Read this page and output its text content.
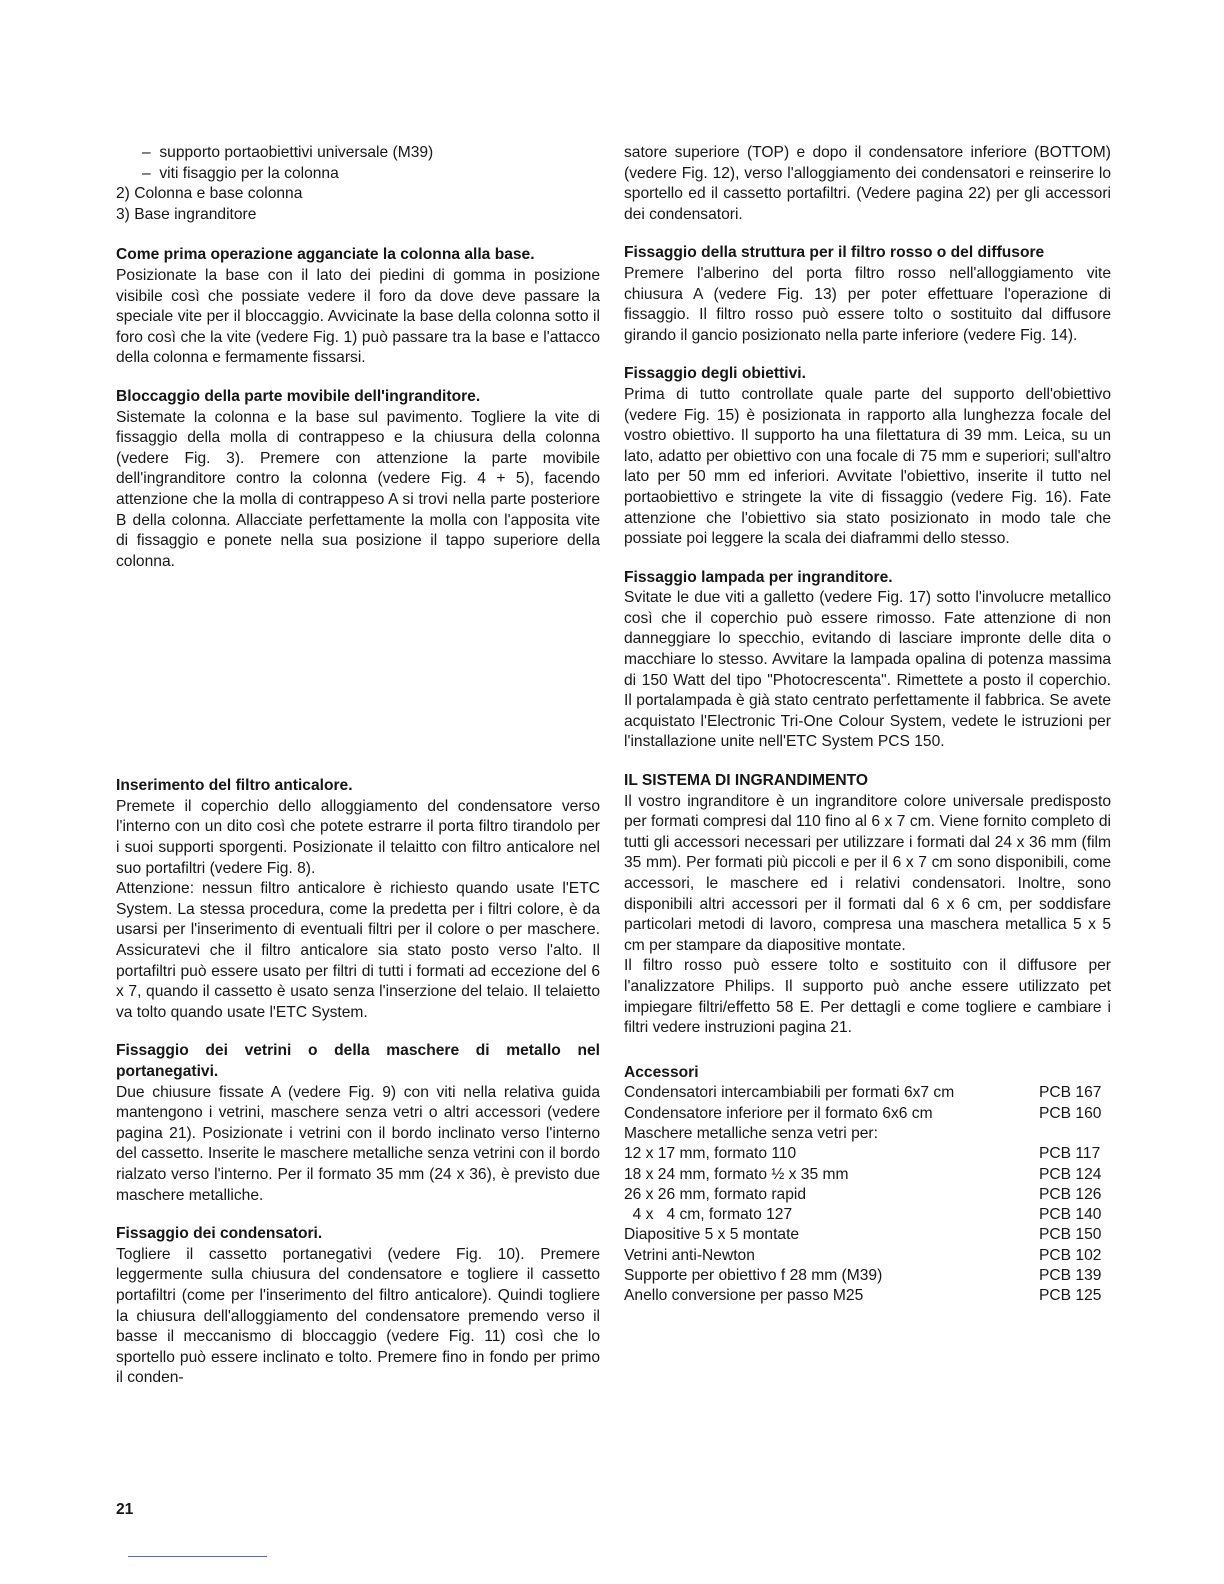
–  supporto portaobiettivi universale (M39)
–  viti fisaggio per la colonna
2) Colonna e base colonna
3) Base ingranditore

Come prima operazione agganciate la colonna alla base.

Posizionate la base con il lato dei piedini di gomma in posizione visibile così che possiate vedere il foro da dove deve passare la speciale vite per il bloccaggio. Avvicinate la base della colonna sotto il foro così che la vite (vedere Fig. 1) può passare tra la base e l'attacco della colonna e fermamente fissarsi.

Bloccaggio della parte movibile dell'ingranditore.

Sistemate la colonna e la base sul pavimento. Togliere la vite di fissaggio della molla di contrappeso e la chiusura della colonna (vedere Fig. 3). Premere con attenzione la parte movibile dell'ingranditore contro la colonna (vedere Fig. 4 + 5), facendo attenzione che la molla di contrappeso A si trovi nella parte posteriore B della colonna. Allacciate perfettamente la molla con l'apposita vite di fissaggio e ponete nella sua posizione il tappo superiore della colonna.

Inserimento del filtro anticalore.

Premete il coperchio dello alloggiamento del condensatore verso l'interno con un dito così che potete estrarre il porta filtro tirandolo per i suoi supporti sporgenti. Posizionate il telaitto con filtro anticalore nel suo portafiltri (vedere Fig. 8).

Attenzione: nessun filtro anticalore è richiesto quando usate l'ETC System. La stessa procedura, come la predetta per i filtri colore, è da usarsi per l'inserimento di eventuali filtri per il colore o per maschere. Assicuratevi che il filtro anticalore sia stato posto verso l'alto. Il portafiltri può essere usato per filtri di tutti i formati ad eccezione del 6 x 7, quando il cassetto è usato senza l'inserzione del telaio. Il telaietto va tolto quando usate l'ETC System.

Fissaggio dei vetrini o della maschere di metallo nel portanegativi.

Due chiusure fissate A (vedere Fig. 9) con viti nella relativa guida mantengono i vetrini, maschere senza vetri o altri accessori (vedere pagina 21). Posizionate i vetrini con il bordo inclinato verso l'interno del cassetto. Inserite le maschere metalliche senza vetrini con il bordo rialzato verso l'interno. Per il formato 35 mm (24 x 36), è previsto due maschere metalliche.

Fissaggio dei condensatori.

Togliere il cassetto portanegativi (vedere Fig. 10). Premere leggermente sulla chiusura del condensatore e togliere il cassetto portafiltri (come per l'inserimento del filtro anticalore). Quindi togliere la chiusura dell'alloggiamento del condensatore premendo verso il basse il meccanismo di bloccaggio (vedere Fig. 11) così che lo sportello può essere inclinato e tolto. Premere fino in fondo per primo il conden-

satore superiore (TOP) e dopo il condensatore inferiore (BOTTOM) (vedere Fig. 12), verso l'alloggiamento dei condensatori e reinserire lo sportello ed il cassetto portafiltri. (Vedere pagina 22) per gli accessori dei condensatori.

Fissaggio della struttura per il filtro rosso o del diffusore

Premere l'alberino del porta filtro rosso nell'alloggiamento vite chiusura A (vedere Fig. 13) per poter effettuare l'operazione di fissaggio. Il filtro rosso può essere tolto o sostituito dal diffusore girando il gancio posizionato nella parte inferiore (vedere Fig. 14).

Fissaggio degli obiettivi.

Prima di tutto controllate quale parte del supporto dell'obiettivo (vedere Fig. 15) è posizionata in rapporto alla lunghezza focale del vostro obiettivo. Il supporto ha una filettatura di 39 mm. Leica, su un lato, adatto per obiettivo con una focale di 75 mm e superiori; sull'altro lato per 50 mm ed inferiori. Avvitate l'obiettivo, inserite il tutto nel portaobiettivo e stringete la vite di fissaggio (vedere Fig. 16). Fate attenzione che l'obiettivo sia stato posizionato in modo tale che possiate poi leggere la scala dei diaframmi dello stesso.

Fissaggio lampada per ingranditore.

Svitate le due viti a galletto (vedere Fig. 17) sotto l'involucre metallico così che il coperchio può essere rimosso. Fate attenzione di non danneggiare lo specchio, evitando di lasciare impronte delle dita o macchiare lo stesso. Avvitare la lampada opalina di potenza massima di 150 Watt del tipo "Photocrescenta". Rimettete a posto il coperchio. Il portalampada è già stato centrato perfettamente il fabbrica. Se avete acquistato l'Electronic Tri-One Colour System, vedete le istruzioni per l'installazione unite nell'ETC System PCS 150.

IL SISTEMA DI INGRANDIMENTO

Il vostro ingranditore è un ingranditore colore universale predisposto per formati compresi dal 110 fino al 6 x 7 cm. Viene fornito completo di tutti gli accessori necessari per utilizzare i formati dal 24 x 36 mm (film 35 mm). Per formati più piccoli e per il 6 x 7 cm sono disponibili, come accessori, le maschere ed i relativi condensatori. Inoltre, sono disponibili altri accessori per il formati dal 6 x 6 cm, per soddisfare particolari metodi di lavoro, compresa una maschera metallica 5 x 5 cm per stampare da diapositive montate.

Il filtro rosso può essere tolto e sostituito con il diffusore per l'analizzatore Philips. Il supporto può anche essere utilizzato pet impiegare filtri/effetto 58 E. Per dettagli e come togliere e cambiare i filtri vedere instruzioni pagina 21.

Accessori

Condensatori intercambiabili per formati 6x7 cm	PCB 167
Condensatore inferiore per il formato 6x6 cm	PCB 160
Maschere metalliche senza vetri per:	
12 x 17 mm, formato 110	PCB 117
18 x 24 mm, formato ½ x 35 mm	PCB 124
26 x 26 mm, formato rapid	PCB 126
4 x   4 cm, formato 127	PCB 140
Diapositive 5 x 5 montate	PCB 150
Vetrini anti-Newton	PCB 102
Supporte per obiettivo f 28 mm (M39)	PCB 139
Anello conversione per passo M25	PCB 125
21
